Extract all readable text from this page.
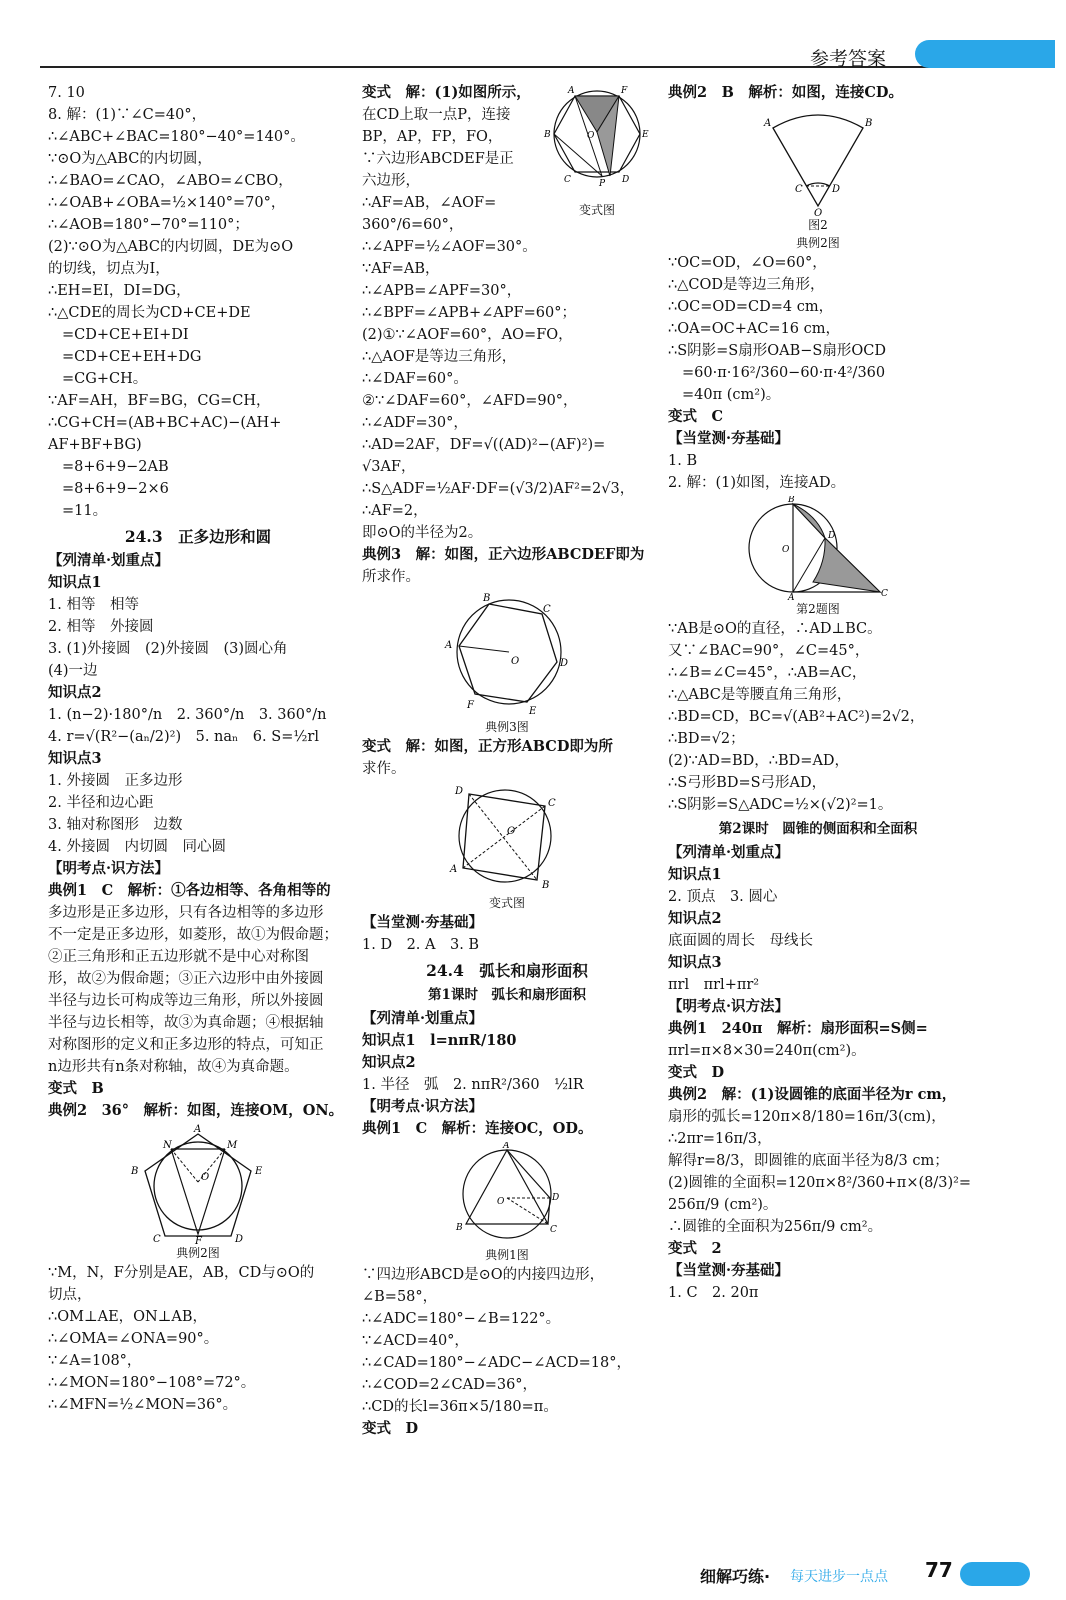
参考答案
7. 10
8. 解：(1)∵∠C=40°，
∴∠ABC+∠BAC=180°−40°=140°。
∵⊙O为△ABC的内切圆，
∴∠BAO=∠CAO，∠ABO=∠CBO，
∴∠OAB+∠OBA=½×140°=70°，
∴∠AOB=180°−70°=110°；
(2)∵⊙O为△ABC的内切圆，DE为⊙O
的切线，切点为I，
∴EH=EI，DI=DG，
∴△CDE的周长为CD+CE+DE
=CD+CE+EI+DI
=CD+CE+EH+DG
=CG+CH。
∵AF=AH，BF=BG，CG=CH，
∴CG+CH=(AB+BC+AC)−(AH+
AF+BF+BG)
=8+6+9−2AB
=8+6+9−2×6
=11。
24.3　正多边形和圆
【列清单·划重点】
知识点1
1. 相等　相等
2. 相等　外接圆
3. (1)外接圆　(2)外接圆　(3)圆心角
(4)一边
知识点2
1. (n−2)·180°/n　2. 360°/n　3. 360°/n
4. r=√(R²−(aₙ/2)²)　5. naₙ　6. S=½rl
知识点3
1. 外接圆　正多边形
2. 半径和边心距
3. 轴对称图形　边数
4. 外接圆　内切圆　同心圆
【明考点·识方法】
典例1　C　解析：①各边相等、各角相等的
多边形是正多边形，只有各边相等的多边形
不一定是正多边形，如菱形，故①为假命题；
②正三角形和正五边形就不是中心对称图
形，故②为假命题；③正六边形中由外接圆
半径与边长可构成等边三角形，所以外接圆
半径与边长相等，故③为真命题；④根据轴
对称图形的定义和正多边形的特点，可知正
n边形共有n条对称轴，故④为真命题。
变式　B
典例2　36°　解析：如图，连接OM，ON。
A
N	M
B	E
C	D
F
O
典例2图
∵M，N，F分别是AE，AB，CD与⊙O的
切点，
∴OM⊥AE，ON⊥AB，
∴∠OMA=∠ONA=90°。
∵∠A=108°，
∴∠MON=180°−108°=72°。
∴∠MFN=½∠MON=36°。
A	F
B	E
C	D
P
O
变式图
变式　解：(1)如图所示，
在CD上取一点P，连接
BP，AP，FP，FO，
∵六边形ABCDEF是正
六边形，
∴AF=AB，∠AOF=
360°/6=60°，
∴∠APF=½∠AOF=30°。
∵AF=AB，
∴∠APB=∠APF=30°，
∴∠BPF=∠APB+∠APF=60°；
(2)①∵∠AOF=60°，AO=FO，
∴△AOF是等边三角形，
∴∠DAF=60°。
②∵∠DAF=60°，∠AFD=90°，
∴∠ADF=30°，
∴AD=2AF，DF=√((AD)²−(AF)²)=
√3AF，
∴S△ADF=½AF·DF=(√3/2)AF²=2√3，
∴AF=2，
即⊙O的半径为2。
典例3　解：如图，正六边形ABCDEF即为
所求作。
B
C
A
D
E
F
O
典例3图
变式　解：如图，正方形ABCD即为所
求作。
D
C
A
B
O
变式图
【当堂测·夯基础】
1. D　2. A　3. B
24.4　弧长和扇形面积
第1课时　弧长和扇形面积
【列清单·划重点】
知识点1　l=nπR/180
知识点2
1. 半径　弧　2. nπR²/360　½lR
【明考点·识方法】
典例1　C　解析：连接OC，OD。
A
B	C
D
O
典例1图
∵四边形ABCD是⊙O的内接四边形，
∠B=58°，
∴∠ADC=180°−∠B=122°。
∵∠ACD=40°，
∴∠CAD=180°−∠ADC−∠ACD=18°，
∴∠COD=2∠CAD=36°，
∴CD的长l=36π×5/180=π。
变式　D
典例2　B　解析：如图，连接CD。
A	B
C	D
O
图2
典例2图
∵OC=OD，∠O=60°，
∴△COD是等边三角形，
∴OC=OD=CD=4 cm，
∴OA=OC+AC=16 cm，
∴S阴影=S扇形OAB−S扇形OCD
=60·π·16²/360−60·π·4²/360
=40π (cm²)。
变式　C
【当堂测·夯基础】
1. B
2. 解：(1)如图，连接AD。
B
O
D
A	C
第2题图
∵AB是⊙O的直径，∴AD⊥BC。
又∵∠BAC=90°，∠C=45°，
∴∠B=∠C=45°，∴AB=AC，
∴△ABC是等腰直角三角形，
∴BD=CD，BC=√(AB²+AC²)=2√2，
∴BD=√2；
(2)∵AD=BD，∴BD=AD，
∴S弓形BD=S弓形AD，
∴S阴影=S△ADC=½×(√2)²=1。
第2课时　圆锥的侧面积和全面积
【列清单·划重点】
知识点1
2. 顶点　3. 圆心
知识点2
底面圆的周长　母线长
知识点3
πrl　πrl+πr²
【明考点·识方法】
典例1　240π　解析：扇形面积=S侧=
πrl=π×8×30=240π(cm²)。
变式　D
典例2　解：(1)设圆锥的底面半径为r cm，
扇形的弧长=120π×8/180=16π/3(cm)，
∴2πr=16π/3，
解得r=8/3，即圆锥的底面半径为8/3 cm；
(2)圆锥的全面积=120π×8²/360+π×(8/3)²=
256π/9 (cm²)。
∴圆锥的全面积为256π/9 cm²。
变式　2
【当堂测·夯基础】
1. C　2. 20π
细解巧练· 每天进步一点点 77
